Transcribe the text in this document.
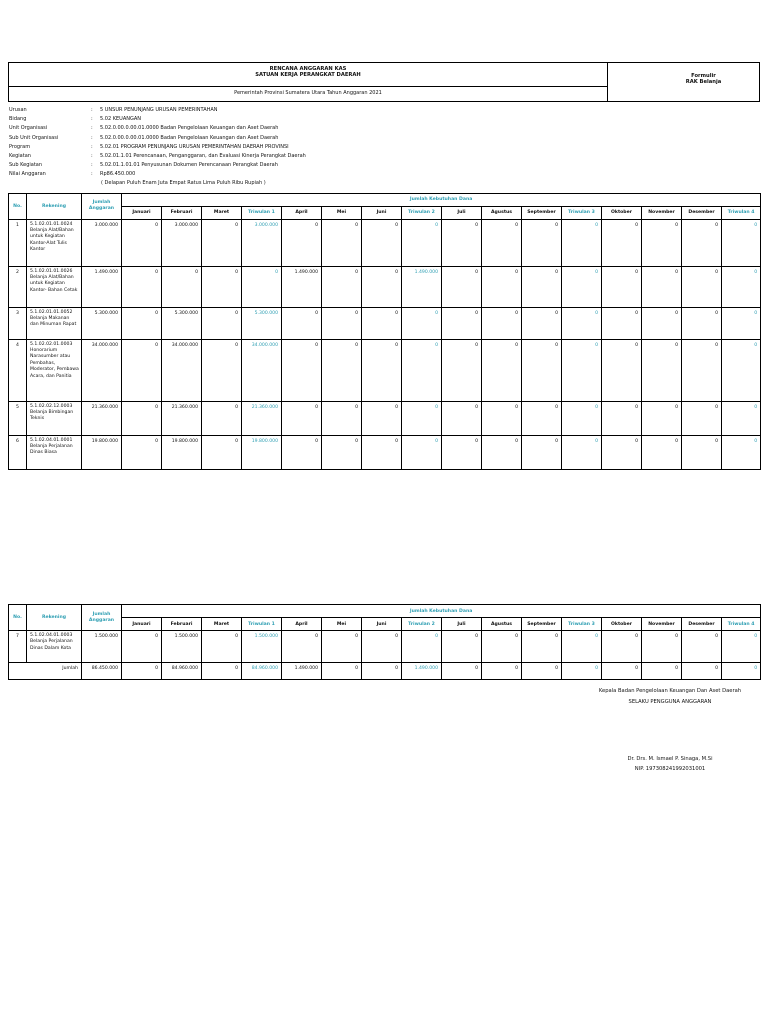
RENCANA ANGGARAN KAS
SATUAN KERJA PERANGKAT DAERAH
Pemerintah Provinsi Sumatera Utara Tahun Anggaran 2021
Formulir
RAK Belanja
Urusan	:	5 UNSUR PENUNJANG URUSAN PEMERINTAHAN
Bidang	:	5.02 KEUANGAN
Unit Organisasi	:	5.02.0.00.0.00.01.0000 Badan Pengelolaan Keuangan dan Aset Daerah
Sub Unit Organisasi	:	5.02.0.00.0.00.01.0000 Badan Pengelolaan Keuangan dan Aset Daerah
Program	:	5.02.01 PROGRAM PENUNJANG URUSAN PEMERINTAHAN DAERAH PROVINSI
Kegiatan	:	5.02.01.1.01 Perencanaan, Penganggaran, dan Evaluasi Kinerja Perangkat Daerah
Sub Kegiatan	:	5.02.01.1.01.01 Penyusunan Dokumen Perencanaan Perangkat Daerah
Nilai Anggaran	:	Rp86.450.000
( Delapan Puluh Enam Juta Empat Ratus Lima Puluh Ribu Rupiah )
No.	Rekening	Jumlah Anggaran	Jumlah Kebutuhan Dana															
			Januari	Februari	Maret	Triwulan 1	April	Mei	Juni	Triwulan 2	Juli	Agustus	September	Triwulan 3	Oktober	November	Desember	Triwulan 4
1	5.1.02.01.01.0024
Belanja Alat/Bahan untuk Kegiatan Kantor-Alat Tulis Kantor	3.000.000	0	3.000.000	0	3.000.000	0	0	0	0	0	0	0	0	0	0	0	0
2	5.1.02.01.01.0026
Belanja Alat/Bahan untuk Kegiatan Kantor- Bahan Cetak	1.490.000	0	0	0	0	1.490.000	0	0	1.490.000	0	0	0	0	0	0	0	0
3	5.1.02.01.01.0052
Belanja Makanan dan Minuman Rapat	5.300.000	0	5.300.000	0	5.300.000	0	0	0	0	0	0	0	0	0	0	0	0
4	5.1.02.02.01.0003
Honorarium Narasumber atau Pembahas, Moderator, Pembawa Acara, dan Panitia	34.000.000	0	34.000.000	0	34.000.000	0	0	0	0	0	0	0	0	0	0	0	0
5	5.1.02.02.12.0003
Belanja Bimbingan Teknis	21.360.000	0	21.360.000	0	21.360.000	0	0	0	0	0	0	0	0	0	0	0	0
6	5.1.02.04.01.0001
Belanja Perjalanan Dinas Biasa	19.800.000	0	19.800.000	0	19.800.000	0	0	0	0	0	0	0	0	0	0	0	0
No.	Rekening	Jumlah Anggaran	Jumlah Kebutuhan Dana															
			Januari	Februari	Maret	Triwulan 1	April	Mei	Juni	Triwulan 2	Juli	Agustus	September	Triwulan 3	Oktober	November	Desember	Triwulan 4
7	5.1.02.04.01.0003
Belanja Perjalanan Dinas Dalam Kota	1.500.000	0	1.500.000	0	1.500.000	0	0	0	0	0	0	0	0	0	0	0	0
Jumlah		86.450.000	0	84.960.000	0	84.960.000	1.490.000	0	0	1.490.000	0	0	0	0	0	0	0	0
Kepala Badan Pengelolaan Keuangan Dan Aset Daerah
SELAKU PENGGUNA ANGGARAN
Dr. Drs. M. Ismael P. Sinaga, M.Si
NIP. 197308241992031001
